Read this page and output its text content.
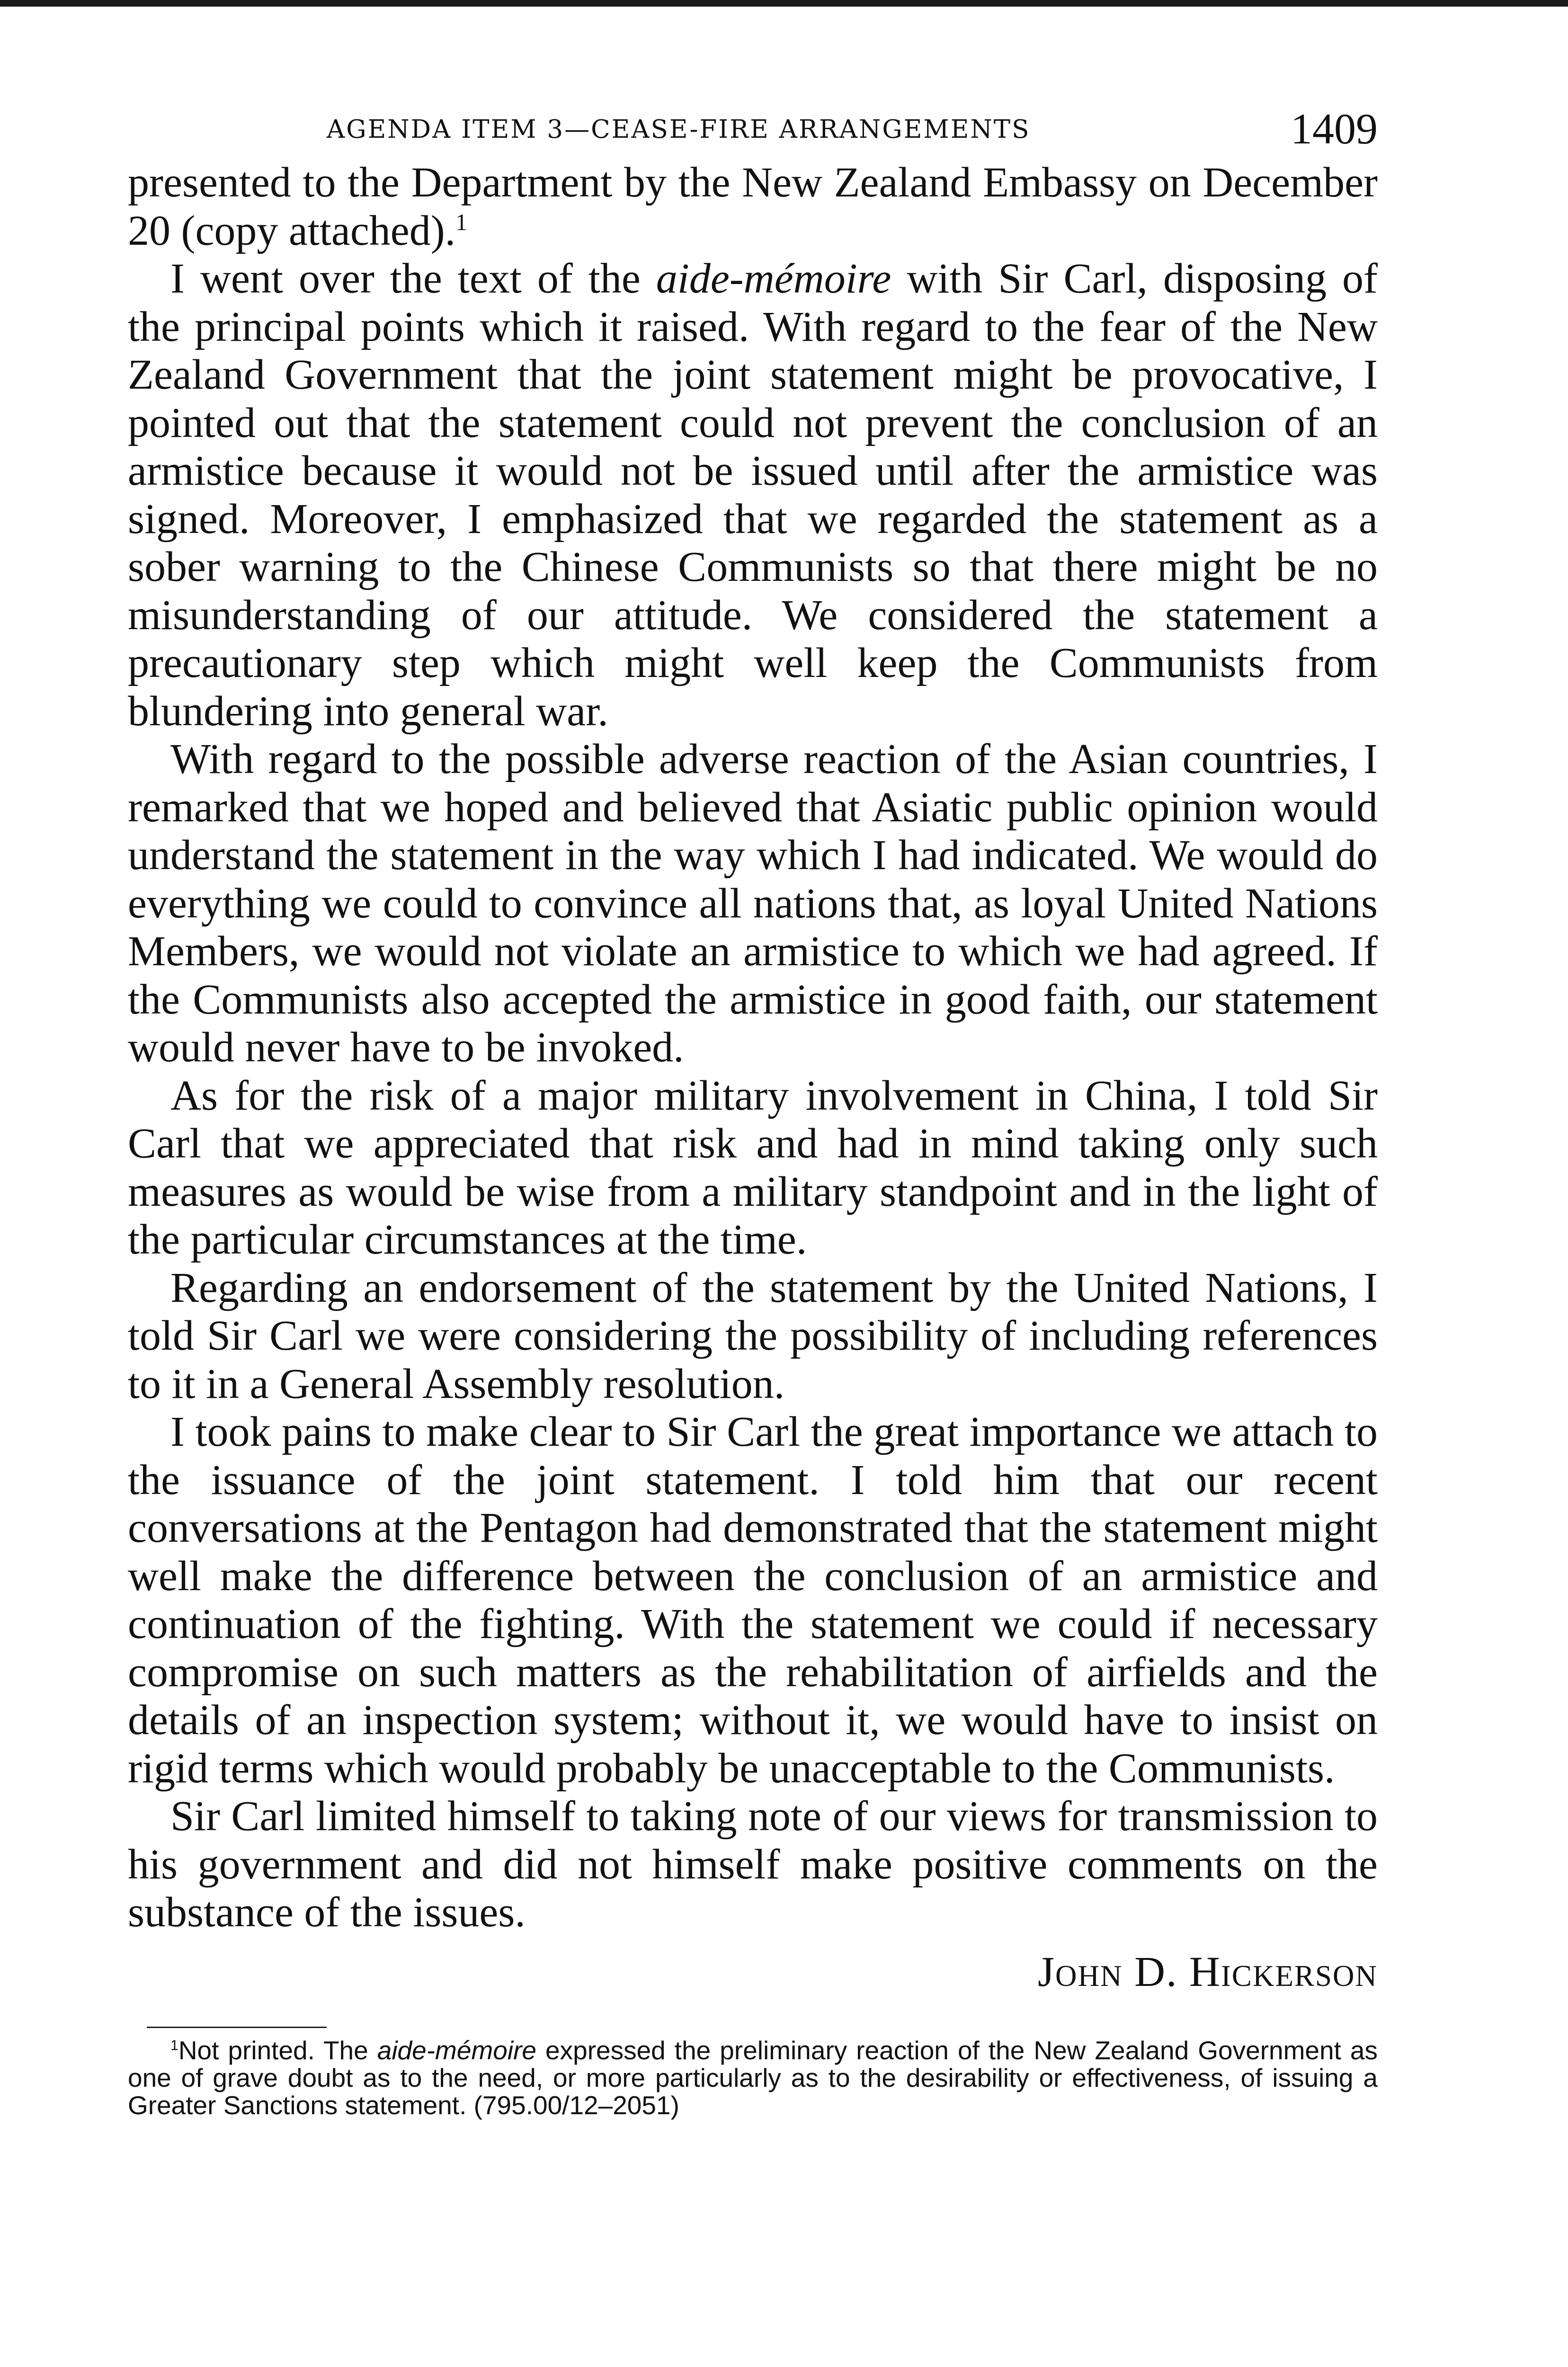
AGENDA ITEM 3—CEASE-FIRE ARRANGEMENTS	1409

presented to the Department by the New Zealand Embassy on December 20 (copy attached).$^1$

I went over the text of the aide-mémoire with Sir Carl, disposing of the principal points which it raised. With regard to the fear of the New Zealand Government that the joint statement might be provocative, I pointed out that the statement could not prevent the conclusion of an armistice because it would not be issued until after the armistice was signed. Moreover, I emphasized that we regarded the statement as a sober warning to the Chinese Communists so that there might be no misunderstanding of our attitude. We considered the statement a precautionary step which might well keep the Communists from blundering into general war.

With regard to the possible adverse reaction of the Asian countries, I remarked that we hoped and believed that Asiatic public opinion would understand the statement in the way which I had indicated. We would do everything we could to convince all nations that, as loyal United Nations Members, we would not violate an armistice to which we had agreed. If the Communists also accepted the armistice in good faith, our statement would never have to be invoked.

As for the risk of a major military involvement in China, I told Sir Carl that we appreciated that risk and had in mind taking only such measures as would be wise from a military standpoint and in the light of the particular circumstances at the time.

Regarding an endorsement of the statement by the United Nations, I told Sir Carl we were considering the possibility of including references to it in a General Assembly resolution.

I took pains to make clear to Sir Carl the great importance we attach to the issuance of the joint statement. I told him that our recent conversations at the Pentagon had demonstrated that the statement might well make the difference between the conclusion of an armistice and continuation of the fighting. With the statement we could if necessary compromise on such matters as the rehabilitation of airfields and the details of an inspection system; without it, we would have to insist on rigid terms which would probably be unacceptable to the Communists.

Sir Carl limited himself to taking note of our views for transmission to his government and did not himself make positive comments on the substance of the issues.

John D. Hickerson
$^1$Not printed. The aide-mémoire expressed the preliminary reaction of the New Zealand Government as one of grave doubt as to the need, or more particularly as to the desirability or effectiveness, of issuing a Greater Sanctions statement. (795.00/12–2051)
